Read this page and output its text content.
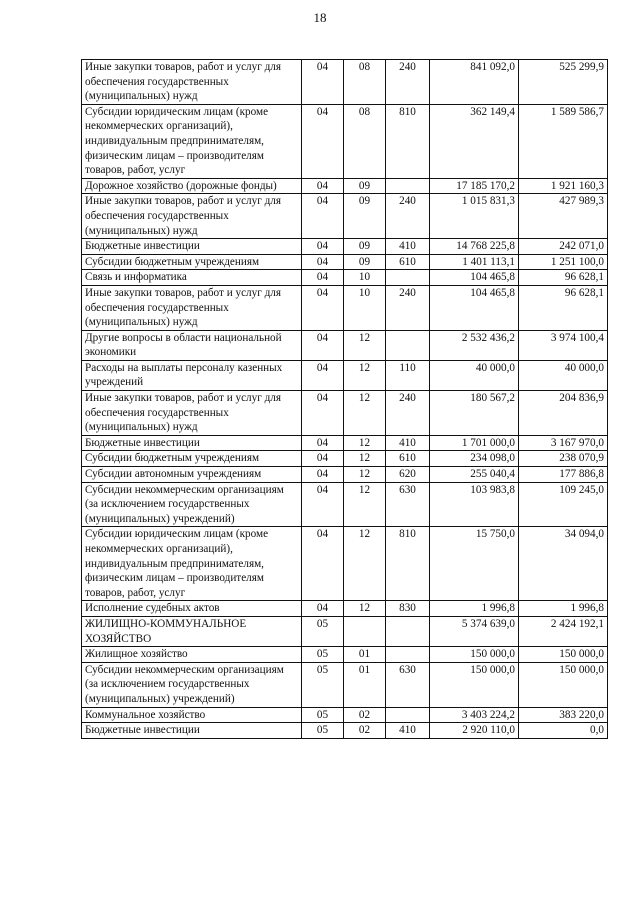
18
Иные закупки товаров, работ и услуг для обеспечения государственных (муниципальных) нужд	04	08	240	841 092,0	525 299,9
Субсидии юридическим лицам (кроме некоммерческих организаций), индивидуальным предпринимателям, физическим лицам – производителям товаров, работ, услуг	04	08	810	362 149,4	1 589 586,7
Дорожное хозяйство (дорожные фонды)	04	09		17 185 170,2	1 921 160,3
Иные закупки товаров, работ и услуг для обеспечения государственных (муниципальных) нужд	04	09	240	1 015 831,3	427 989,3
Бюджетные инвестиции	04	09	410	14 768 225,8	242 071,0
Субсидии бюджетным учреждениям	04	09	610	1 401 113,1	1 251 100,0
Связь и информатика	04	10		104 465,8	96 628,1
Иные закупки товаров, работ и услуг для обеспечения государственных (муниципальных) нужд	04	10	240	104 465,8	96 628,1
Другие вопросы в области национальной экономики	04	12		2 532 436,2	3 974 100,4
Расходы на выплаты персоналу казенных учреждений	04	12	110	40 000,0	40 000,0
Иные закупки товаров, работ и услуг для обеспечения государственных (муниципальных) нужд	04	12	240	180 567,2	204 836,9
Бюджетные инвестиции	04	12	410	1 701 000,0	3 167 970,0
Субсидии бюджетным учреждениям	04	12	610	234 098,0	238 070,9
Субсидии автономным учреждениям	04	12	620	255 040,4	177 886,8
Субсидии некоммерческим организациям (за исключением государственных (муниципальных) учреждений)	04	12	630	103 983,8	109 245,0
Субсидии юридическим лицам (кроме некоммерческих организаций), индивидуальным предпринимателям, физическим лицам – производителям товаров, работ, услуг	04	12	810	15 750,0	34 094,0
Исполнение судебных актов	04	12	830	1 996,8	1 996,8
ЖИЛИЩНО-КОММУНАЛЬНОЕ ХОЗЯЙСТВО	05			5 374 639,0	2 424 192,1
Жилищное хозяйство	05	01		150 000,0	150 000,0
Субсидии некоммерческим организациям (за исключением государственных (муниципальных) учреждений)	05	01	630	150 000,0	150 000,0
Коммунальное хозяйство	05	02		3 403 224,2	383 220,0
Бюджетные инвестиции	05	02	410	2 920 110,0	0,0
